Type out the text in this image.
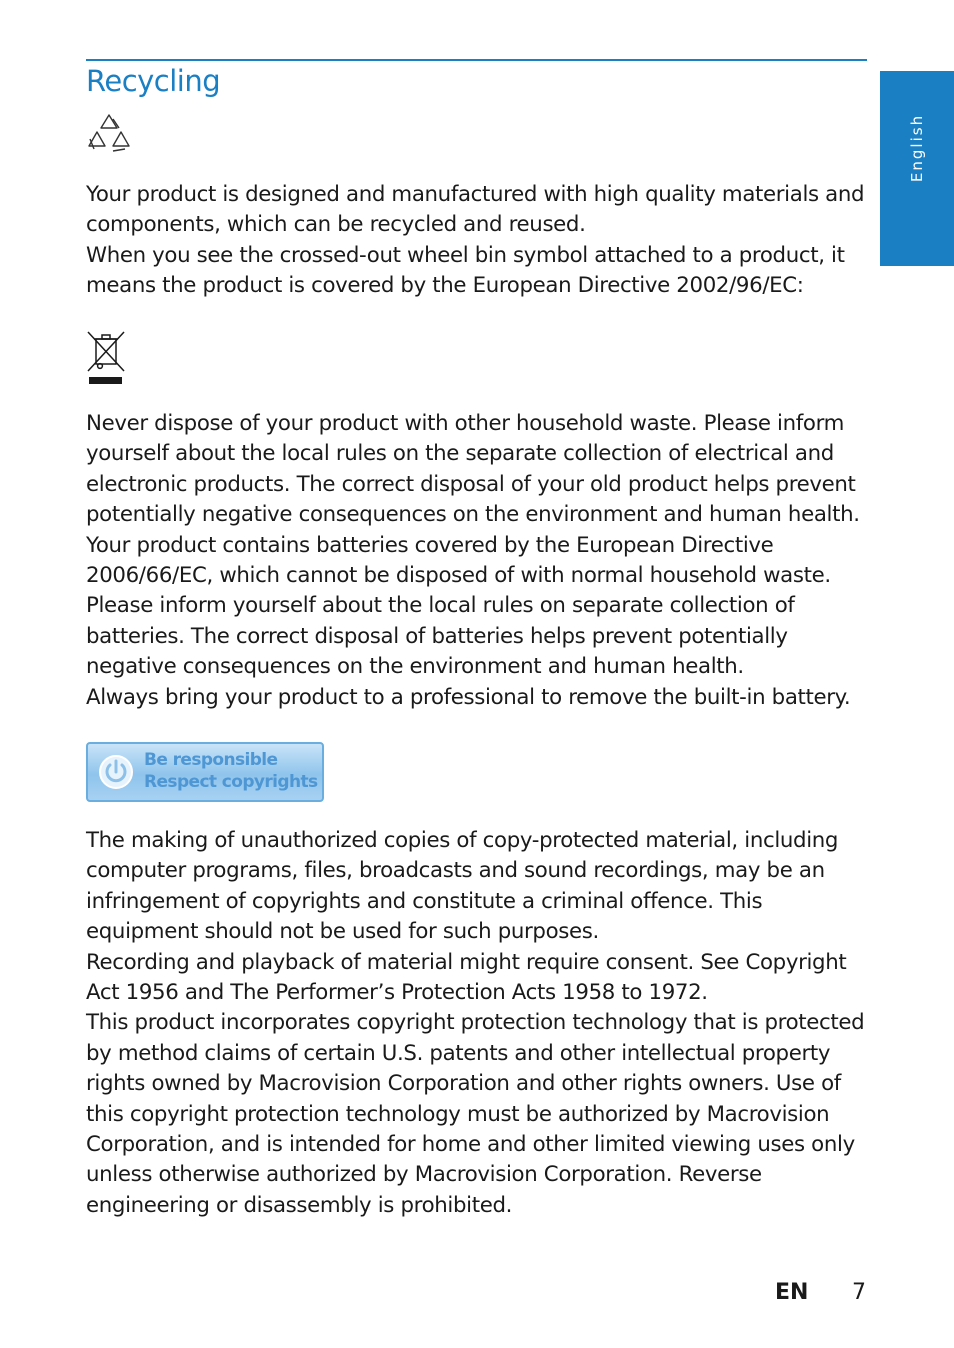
Recycling
English

Your product is designed and manufactured with high quality materials and components, which can be recycled and reused.
When you see the crossed-out wheel bin symbol attached to a product, it means the product is covered by the European Directive 2002/96/EC:

Never dispose of your product with other household waste. Please inform yourself about the local rules on the separate collection of electrical and electronic products. The correct disposal of your old product helps prevent potentially negative consequences on the environment and human health.
Your product contains batteries covered by the European Directive 2006/66/EC, which cannot be disposed of with normal household waste.
Please inform yourself about the local rules on separate collection of batteries. The correct disposal of batteries helps prevent potentially negative consequences on the environment and human health.
Always bring your product to a professional to remove the built-in battery.

Be responsible
Respect copyrights

The making of unauthorized copies of copy-protected material, including computer programs, files, broadcasts and sound recordings, may be an infringement of copyrights and constitute a criminal offence. This equipment should not be used for such purposes.
Recording and playback of material might require consent. See Copyright Act 1956 and The Performer’s Protection Acts 1958 to 1972.
This product incorporates copyright protection technology that is protected by method claims of certain U.S. patents and other intellectual property rights owned by Macrovision Corporation and other rights owners. Use of this copyright protection technology must be authorized by Macrovision Corporation, and is intended for home and other limited viewing uses only unless otherwise authorized by Macrovision Corporation. Reverse engineering or disassembly is prohibited.

EN 7
